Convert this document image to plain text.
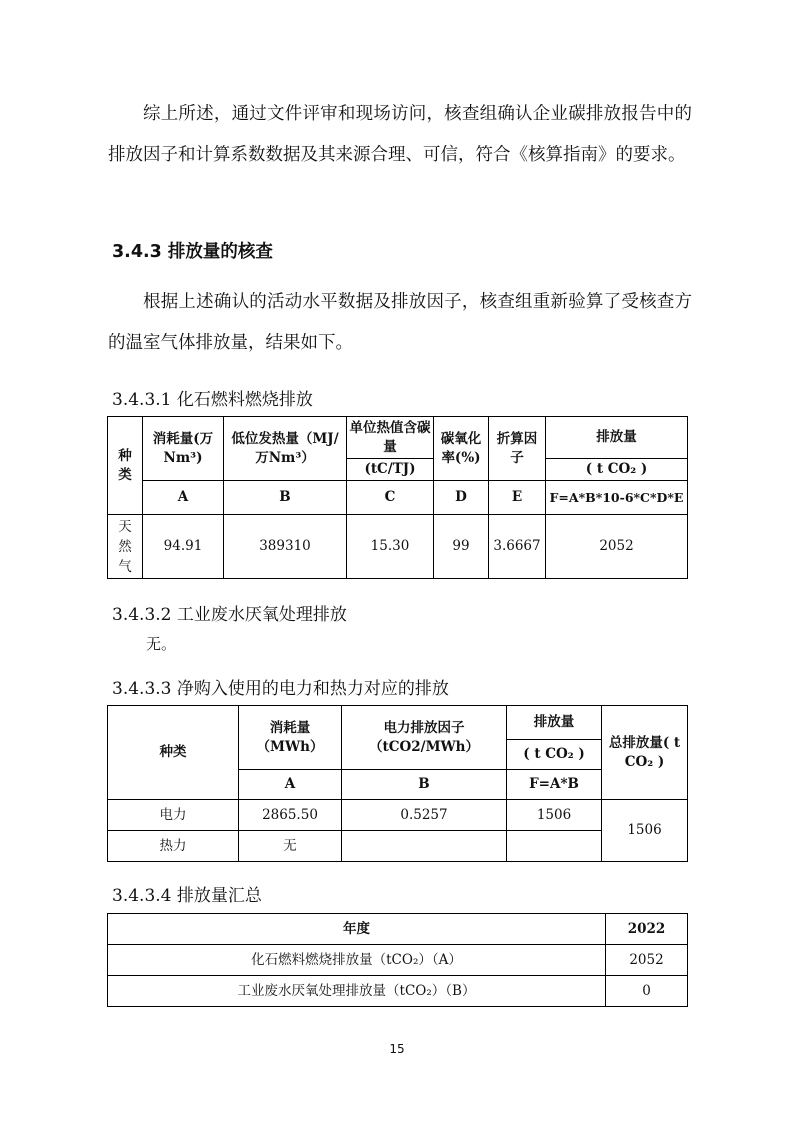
综上所述，通过文件评审和现场访问，核查组确认企业碳排放报告中的排放因子和计算系数数据及其来源合理、可信，符合《核算指南》的要求。
3.4.3 排放量的核查
根据上述确认的活动水平数据及排放因子，核查组重新验算了受核查方的温室气体排放量，结果如下。
3.4.3.1 化石燃料燃烧排放
种类	消耗量(万Nm³)	低位发热量（MJ/万Nm³）	单位热值含碳量	碳氧化率(%)	折算因子	排放量
			(tC/TJ)			( t CO₂ )
	A	B	C	D	E	F=A*B*10-6*C*D*E
天然气	94.91	389310	15.30	99	3.6667	2052
3.4.3.2 工业废水厌氧处理排放
无。
3.4.3.3 净购入使用的电力和热力对应的排放
种类	消耗量（MWh）	电力排放因子（tCO2/MWh）	排放量	总排放量( t CO₂ )
			( t CO₂ )	
	A	B	F=A*B	
电力	2865.50	0.5257	1506	1506
热力	无			
3.4.3.4 排放量汇总
年度	2022
化石燃料燃烧排放量（tCO₂）（A）	2052
工业废水厌氧处理排放量（tCO₂）（B）	0
15
